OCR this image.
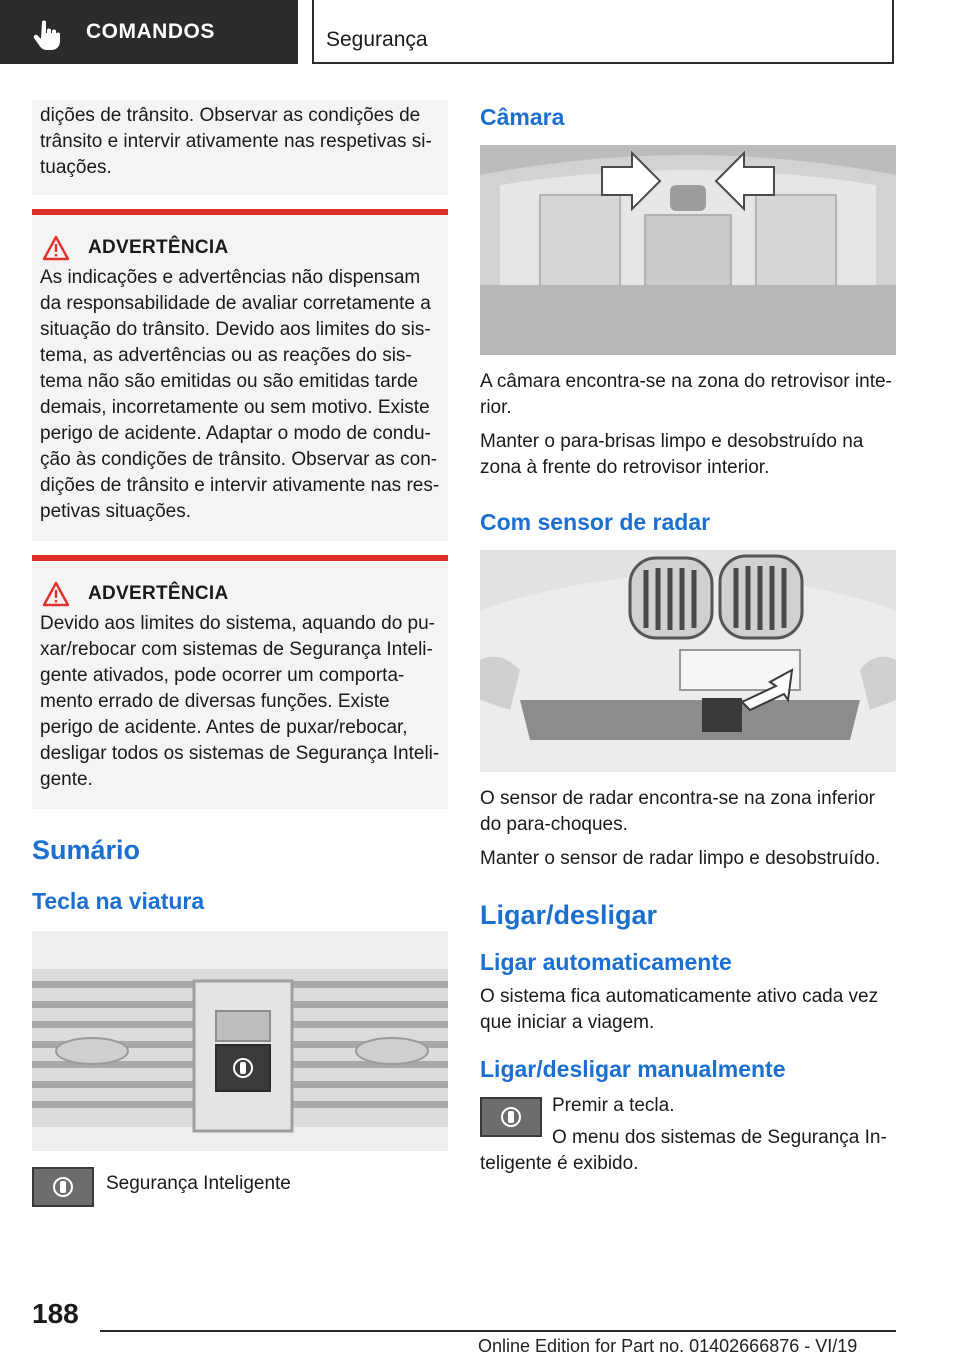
COMANDOS	Segurança

dições de trânsito. Observar as condições de

trânsito e intervir ativamente nas respetivas si-

tuações.

ADVERTÊNCIA

As indicações e advertências não dispensam

da responsabilidade de avaliar corretamente a

situação do trânsito. Devido aos limites do sis-

tema, as advertências ou as reações do sis-

tema não são emitidas ou são emitidas tarde

demais, incorretamente ou sem motivo. Existe

perigo de acidente. Adaptar o modo de condu-

ção às condições de trânsito. Observar as con-

dições de trânsito e intervir ativamente nas res-

petivas situações.

ADVERTÊNCIA

Devido aos limites do sistema, aquando do pu-

xar/rebocar com sistemas de Segurança Inteli-

gente ativados, pode ocorrer um comporta-

mento errado de diversas funções. Existe

perigo de acidente. Antes de puxar/rebocar,

desligar todos os sistemas de Segurança Inteli-

gente.

Sumário
Tecla na viatura

Segurança Inteligente

Câmara

A câmara encontra-se na zona do retrovisor inte-

rior.

Manter o para-brisas limpo e desobstruído na

zona à frente do retrovisor interior.

Com sensor de radar

O sensor de radar encontra-se na zona inferior

do para-choques.

Manter o sensor de radar limpo e desobstruído.

Ligar/desligar
Ligar automaticamente

O sistema fica automaticamente ativo cada vez

que iniciar a viagem.

Ligar/desligar manualmente

Premir a tecla.

O menu dos sistemas de Segurança In-

teligente é exibido.

188
Online Edition for Part no. 01402666876 - VI/19
